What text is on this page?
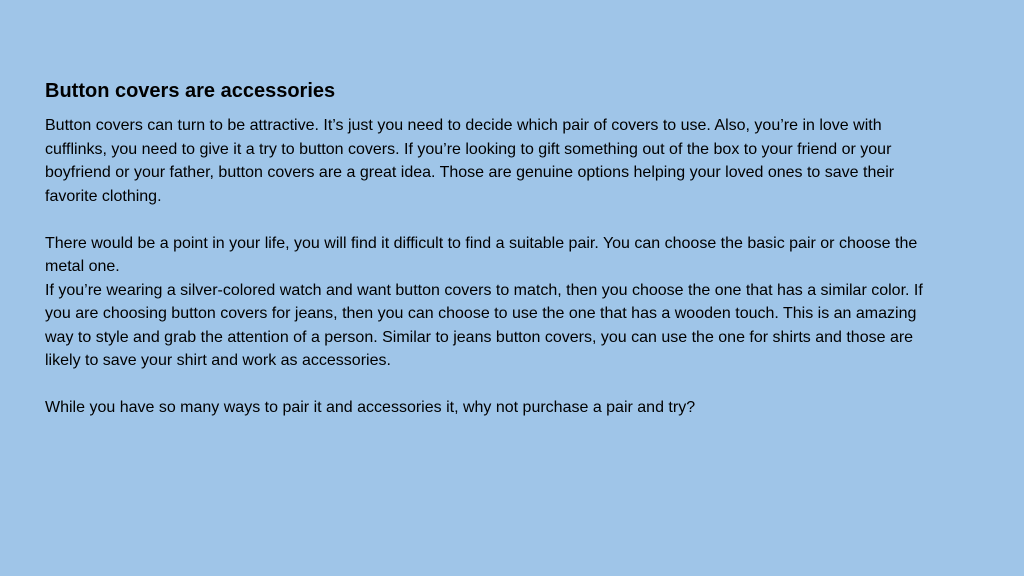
Button covers are accessories

Button covers can turn to be attractive. It’s just you need to decide which pair of covers to use. Also, you’re in love with cufflinks, you need to give it a try to button covers. If you’re looking to gift something out of the box to your friend or your boyfriend or your father, button covers are a great idea. Those are genuine options helping your loved ones to save their favorite clothing.

There would be a point in your life, you will find it difficult to find a suitable pair. You can choose the basic pair or choose the metal one.

If you’re wearing a silver-colored watch and want button covers to match, then you choose the one that has a similar color. If you are choosing button covers for jeans, then you can choose to use the one that has a wooden touch. This is an amazing way to style and grab the attention of a person. Similar to jeans button covers, you can use the one for shirts and those are likely to save your shirt and work as accessories.

While you have so many ways to pair it and accessories it, why not purchase a pair and try?
